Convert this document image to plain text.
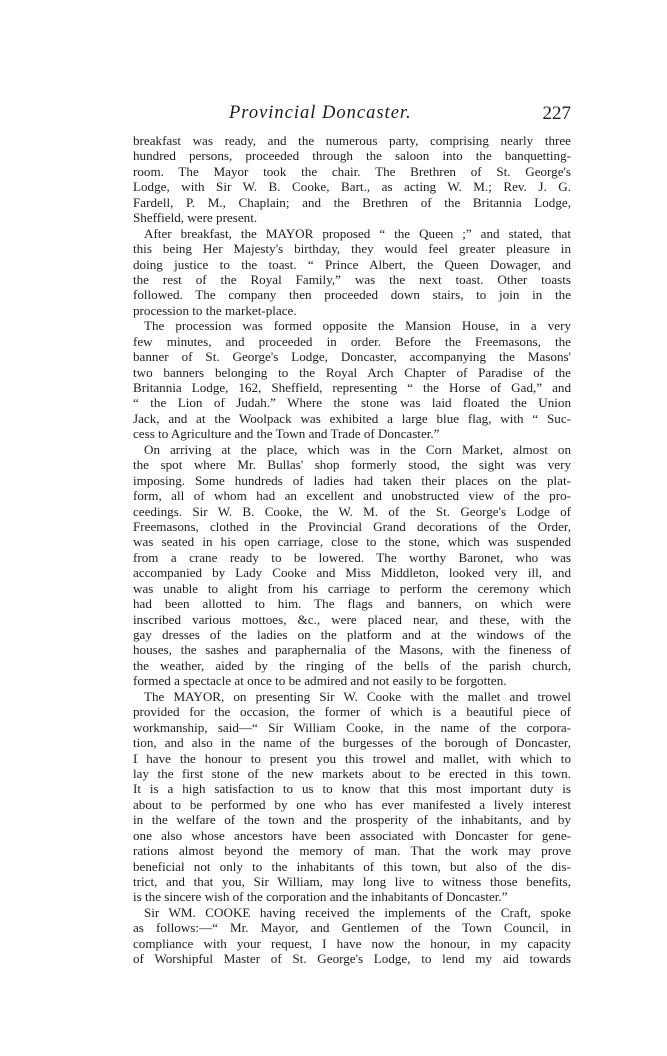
Provincial Doncaster.	227
breakfast was ready, and the numerous party, comprising nearly three
hundred persons, proceeded through the saloon into the banquetting-
room. The Mayor took the chair. The Brethren of St. George's
Lodge, with Sir W. B. Cooke, Bart., as acting W. M.; Rev. J. G.
Fardell, P. M., Chaplain; and the Brethren of the Britannia Lodge,
Sheffield, were present.
After breakfast, the MAYOR proposed “ the Queen ;” and stated, that
this being Her Majesty's birthday, they would feel greater pleasure in
doing justice to the toast. “ Prince Albert, the Queen Dowager, and
the rest of the Royal Family,” was the next toast. Other toasts
followed. The company then proceeded down stairs, to join in the
procession to the market-place.
The procession was formed opposite the Mansion House, in a very
few minutes, and proceeded in order. Before the Freemasons, the
banner of St. George's Lodge, Doncaster, accompanying the Masons'
two banners belonging to the Royal Arch Chapter of Paradise of the
Britannia Lodge, 162, Sheffield, representing “ the Horse of Gad,” and
“ the Lion of Judah.” Where the stone was laid floated the Union
Jack, and at the Woolpack was exhibited a large blue flag, with “ Suc-
cess to Agriculture and the Town and Trade of Doncaster.”
On arriving at the place, which was in the Corn Market, almost on
the spot where Mr. Bullas' shop formerly stood, the sight was very
imposing. Some hundreds of ladies had taken their places on the plat-
form, all of whom had an excellent and unobstructed view of the pro-
ceedings. Sir W. B. Cooke, the W. M. of the St. George's Lodge of
Freemasons, clothed in the Provincial Grand decorations of the Order,
was seated in his open carriage, close to the stone, which was suspended
from a crane ready to be lowered. The worthy Baronet, who was
accompanied by Lady Cooke and Miss Middleton, looked very ill, and
was unable to alight from his carriage to perform the ceremony which
had been allotted to him. The flags and banners, on which were
inscribed various mottoes, &c., were placed near, and these, with the
gay dresses of the ladies on the platform and at the windows of the
houses, the sashes and paraphernalia of the Masons, with the fineness of
the weather, aided by the ringing of the bells of the parish church,
formed a spectacle at once to be admired and not easily to be forgotten.
The MAYOR, on presenting Sir W. Cooke with the mallet and trowel
provided for the occasion, the former of which is a beautiful piece of
workmanship, said—“ Sir William Cooke, in the name of the corpora-
tion, and also in the name of the burgesses of the borough of Doncaster,
I have the honour to present you this trowel and mallet, with which to
lay the first stone of the new markets about to be erected in this town.
It is a high satisfaction to us to know that this most important duty is
about to be performed by one who has ever manifested a lively interest
in the welfare of the town and the prosperity of the inhabitants, and by
one also whose ancestors have been associated with Doncaster for gene-
rations almost beyond the memory of man. That the work may prove
beneficial not only to the inhabitants of this town, but also of the dis-
trict, and that you, Sir William, may long live to witness those benefits,
is the sincere wish of the corporation and the inhabitants of Doncaster.”
Sir WM. COOKE having received the implements of the Craft, spoke
as follows:—“ Mr. Mayor, and Gentlemen of the Town Council, in
compliance with your request, I have now the honour, in my capacity
of Worshipful Master of St. George's Lodge, to lend my aid towards
